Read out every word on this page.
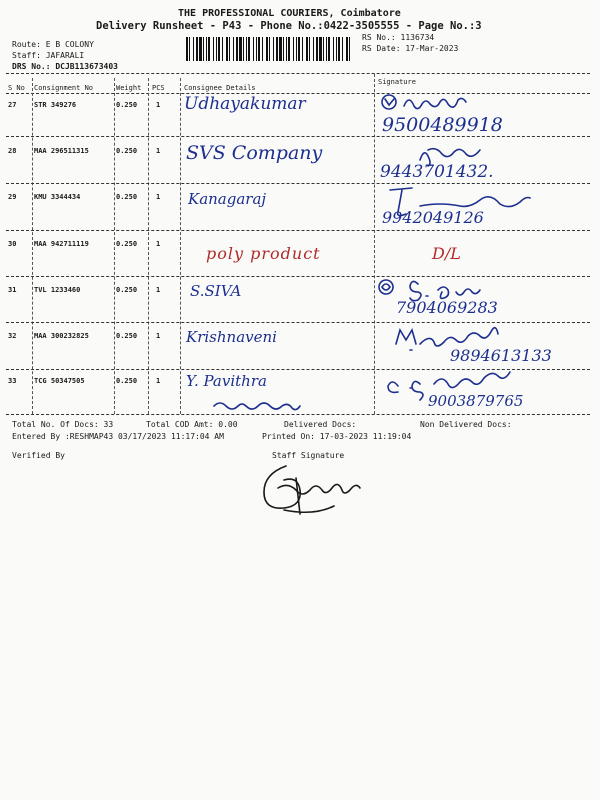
THE PROFESSIONAL COURIERS, Coimbatore
Delivery Runsheet - P43 - Phone No.:0422-3505555 - Page No.:3
Route: E B COLONY
Staff: JAFARALI
DRS No.: DCJB113673403
RS No.: 1136734
RS Date: 17-Mar-2023
S No Consignment No	Weight PCS	Consignee Details
Signature
27	STR 349276	0.250	1 Udhayakumar
9500489918
28	MAA 296511315	0.250	1 SVS Company
9443701432.
29	KMU 3344434	0.250	1 Kanagaraj
9942049126
30	MAA 942711119	0.250	1	poly product	D/L
31	TVL 1233460	0.250	1 S.SIVA
7904069283
32	MAA 300232825	0.250	1 Krishnaveni
9894613133
33	TCG 50347505	0.250	1 Y. Pavithra
9003879765
Total No. Of Docs: 33	Total COD Amt: 0.00	Delivered Docs:	Non Delivered Docs:
Entered By :RESHMAP43 03/17/2023 11:17:04 AM	Printed On: 17-03-2023 11:19:04
Verified By	Staff Signature
